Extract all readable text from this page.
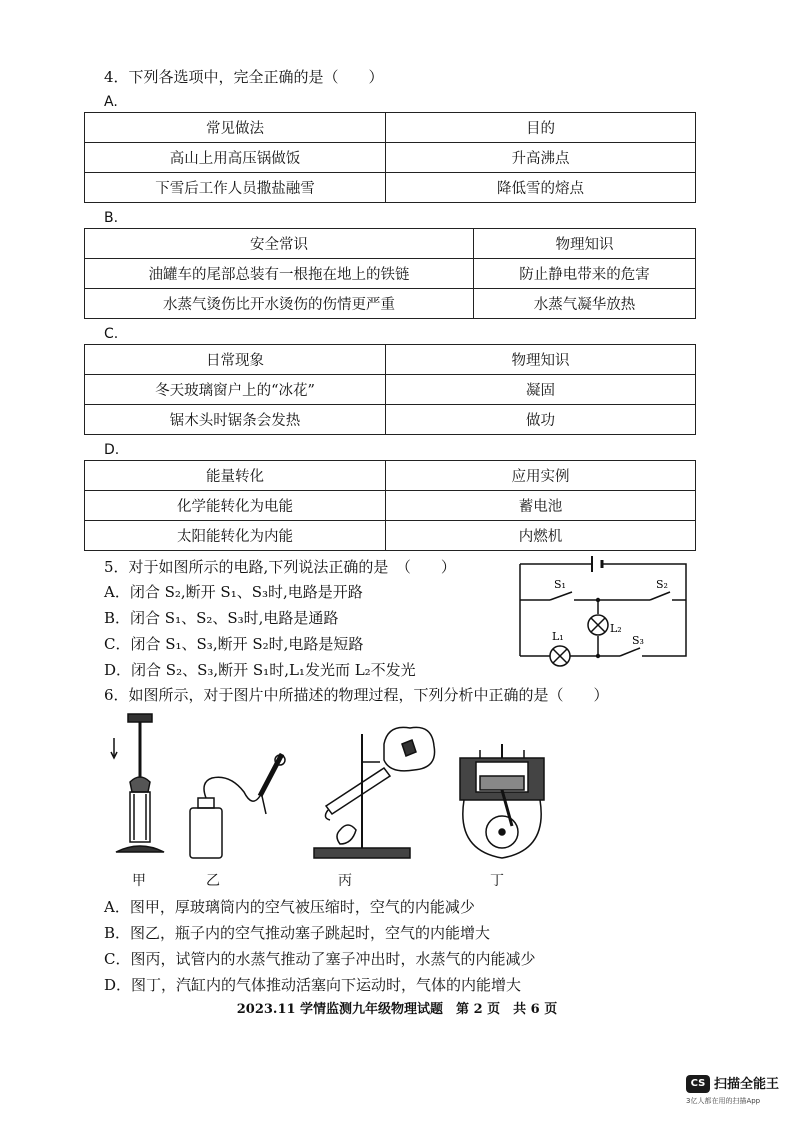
4．下列各选项中，完全正确的是（　　）
A.
常见做法	目的
高山上用高压锅做饭	升高沸点
下雪后工作人员撒盐融雪	降低雪的熔点
B.
安全常识	物理知识
油罐车的尾部总装有一根拖在地上的铁链	防止静电带来的危害
水蒸气烫伤比开水烫伤的伤情更严重	水蒸气凝华放热
C.
日常现象	物理知识
冬天玻璃窗户上的“冰花”	凝固
锯木头时锯条会发热	做功
D.
能量转化	应用实例
化学能转化为电能	蓄电池
太阳能转化为内能	内燃机
5．对于如图所示的电路,下列说法正确的是　（　　）
A．闭合 S₂,断开 S₁、S₃时,电路是开路
B．闭合 S₁、S₂、S₃时,电路是通路
C．闭合 S₁、S₃,断开 S₂时,电路是短路
D．闭合 S₂、S₃,断开 S₁时,L₁发光而 L₂不发光
S₁	S₂
S₃
L₁
L₂
6．如图所示，对于图片中所描述的物理过程，下列分析中正确的是（　　）
甲	乙	丙	丁
A．图甲，厚玻璃筒内的空气被压缩时，空气的内能减少
B．图乙，瓶子内的空气推动塞子跳起时，空气的内能增大
C．图丙，试管内的水蒸气推动了塞子冲出时，水蒸气的内能减少
D．图丁，汽缸内的气体推动活塞向下运动时，气体的内能增大
2023.11 学情监测九年级物理试题　第 2 页　共 6 页
CS 扫描全能王
3亿人都在用的扫描App
